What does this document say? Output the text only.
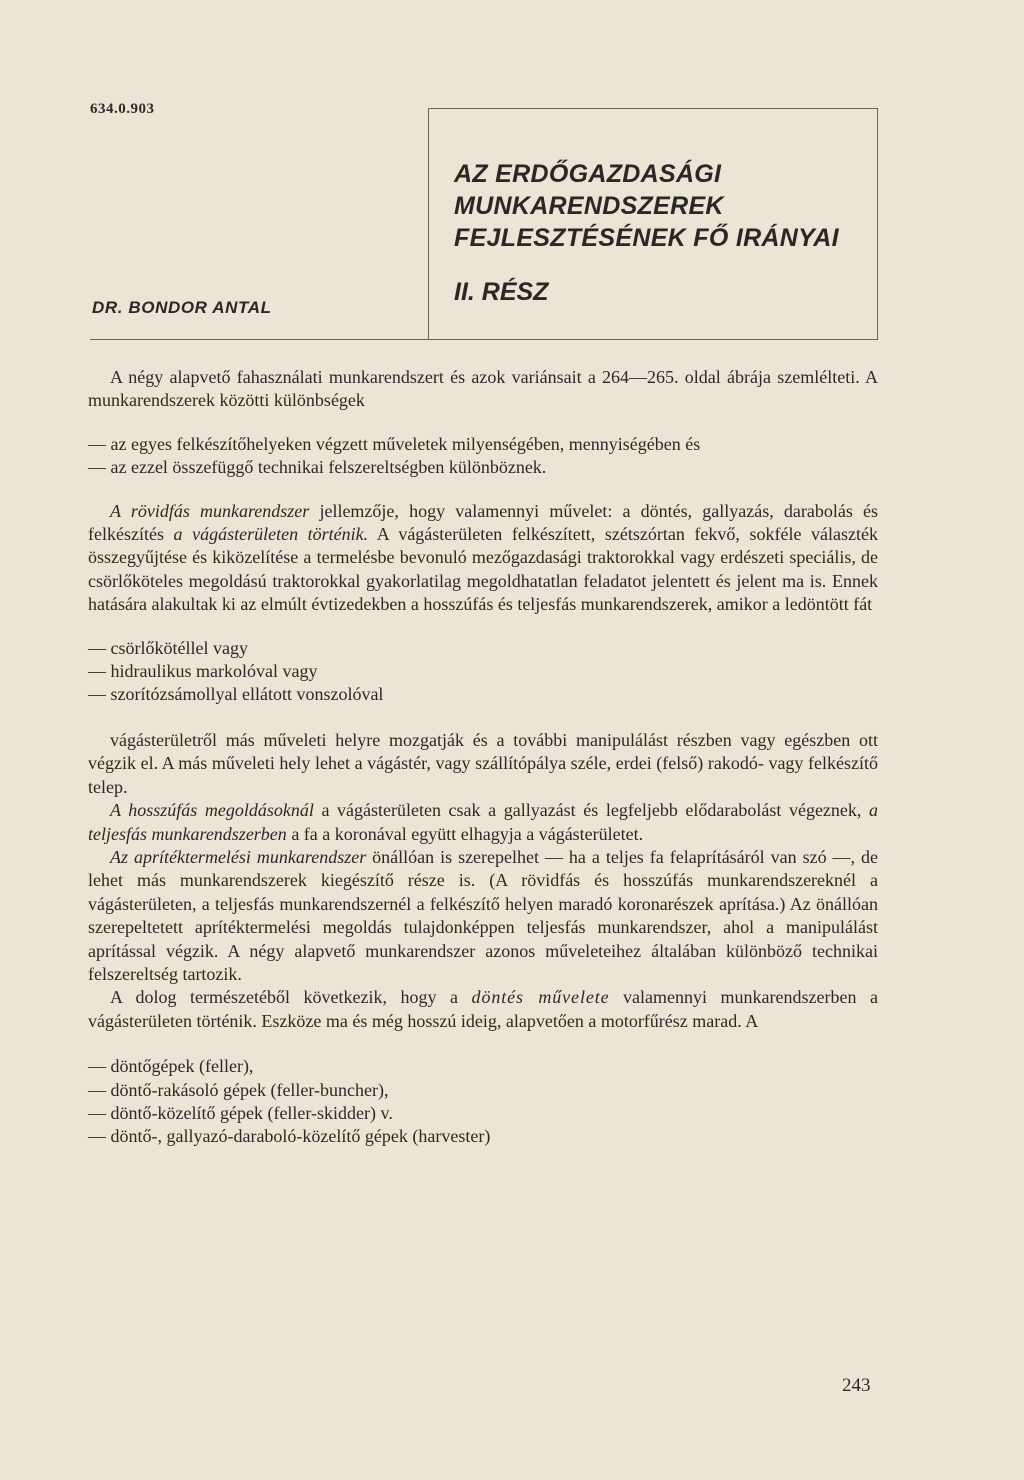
634.0.903
AZ ERDŐGAZDASÁGI
MUNKARENDSZEREK
FEJLESZTÉSÉNEK FŐ IRÁNYAI
II. RÉSZ
DR. BONDOR ANTAL

A négy alapvető fahasználati munkarendszert és azok variánsait a 264—265. oldal ábrája szemlélteti. A munkarendszerek közötti különbségek

— az egyes felkészítőhelyeken végzett műveletek milyenségében, mennyiségében és

— az ezzel összefüggő technikai felszereltségben különböznek.

A rövidfás munkarendszer jellemzője, hogy valamennyi művelet: a döntés, gallyazás, darabolás és felkészítés a vágásterületen történik. A vágásterületen felkészített, szétszórtan fekvő, sokféle választék összegyűjtése és kiközelítése a termelésbe bevonuló mezőgazdasági traktorokkal vagy erdészeti speciális, de csörlőköteles megoldású traktorokkal gyakorlatilag megoldhatatlan feladatot jelentett és jelent ma is. Ennek hatására alakultak ki az elmúlt évtizedekben a hosszúfás és teljesfás munkarendszerek, amikor a ledöntött fát

— csörlőkötéllel vagy

— hidraulikus markolóval vagy

— szorítózsámollyal ellátott vonszolóval

vágásterületről más műveleti helyre mozgatják és a további manipulálást részben vagy egészben ott végzik el. A más műveleti hely lehet a vágástér, vagy szállítópálya széle, erdei (felső) rakodó- vagy felkészítő telep.

A hosszúfás megoldásoknál a vágásterületen csak a gallyazást és legfeljebb elődarabolást végeznek, a teljesfás munkarendszerben a fa a koronával együtt elhagyja a vágásterületet.

Az aprítéktermelési munkarendszer önállóan is szerepelhet — ha a teljes fa felaprításáról van szó —, de lehet más munkarendszerek kiegészítő része is. (A rövidfás és hosszúfás munkarendszereknél a vágásterületen, a teljesfás munkarendszernél a felkészítő helyen maradó koronarészek aprítása.) Az önállóan szerepeltetett aprítéktermelési megoldás tulajdonképpen teljesfás munkarendszer, ahol a manipulálást aprítással végzik. A négy alapvető munkarendszer azonos műveleteihez általában különböző technikai felszereltség tartozik.

A dolog természetéből következik, hogy a döntés művelete valamennyi munkarendszerben a vágásterületen történik. Eszköze ma és még hosszú ideig, alapvetően a motorfűrész marad. A

— döntőgépek (feller),

— döntő-rakásoló gépek (feller-buncher),

— döntő-közelítő gépek (feller-skidder) v.

— döntő-, gallyazó-daraboló-közelítő gépek (harvester)

243
